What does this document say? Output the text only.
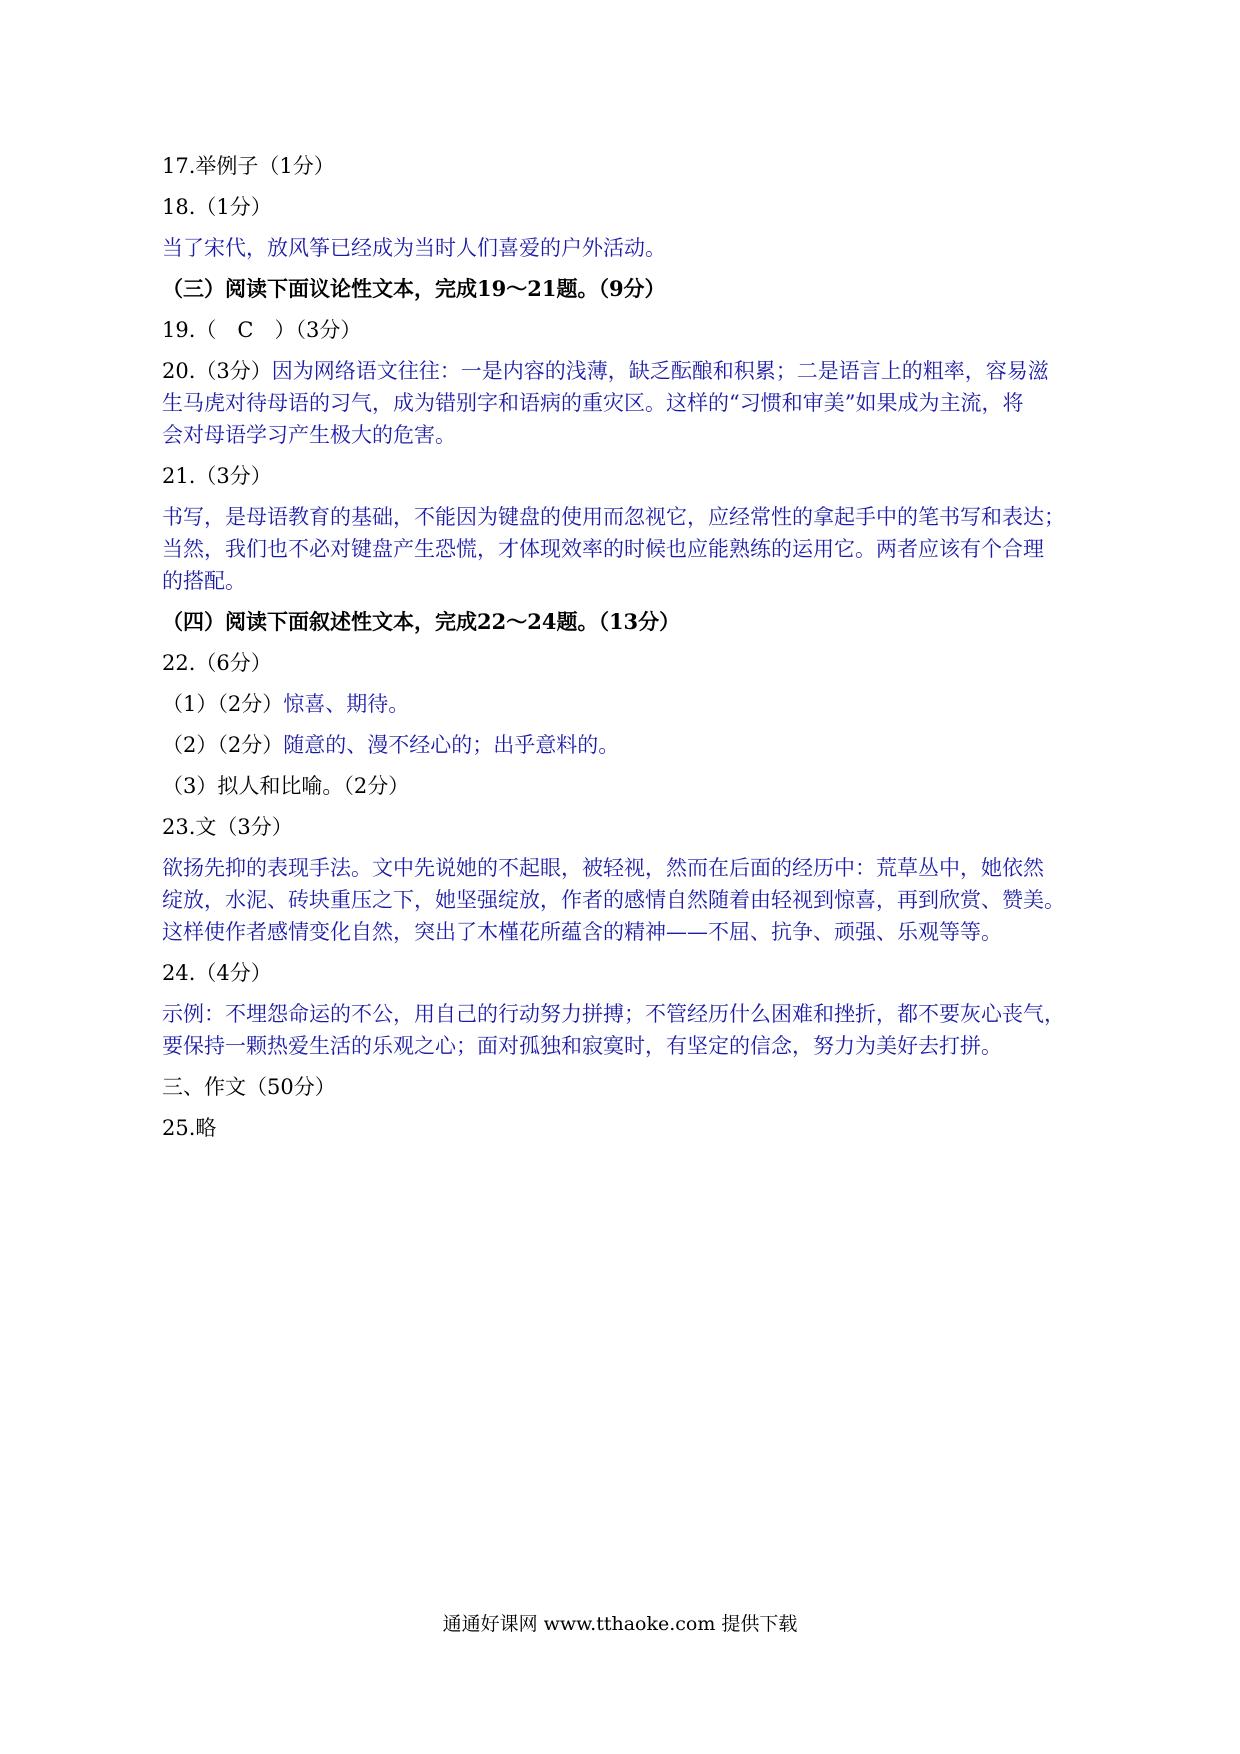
17.举例子（1分）
18.（1分）
当了宋代，放风筝已经成为当时人们喜爱的户外活动。
（三）阅读下面议论性文本，完成19～21题。（9分）
19.（　C　）（3分）
20.（3分）因为网络语文往往：一是内容的浅薄，缺乏酝酿和积累；二是语言上的粗率，容易滋
生马虎对待母语的习气，成为错别字和语病的重灾区。这样的“习惯和审美”如果成为主流，将
会对母语学习产生极大的危害。
21.（3分）
书写，是母语教育的基础，不能因为键盘的使用而忽视它，应经常性的拿起手中的笔书写和表达；
当然，我们也不必对键盘产生恐慌，才体现效率的时候也应能熟练的运用它。两者应该有个合理
的搭配。
（四）阅读下面叙述性文本，完成22～24题。（13分）
22.（6分）
（1）（2分）惊喜、期待。
（2）（2分）随意的、漫不经心的；出乎意料的。
（3）拟人和比喻。（2分）
23.文（3分）
欲扬先抑的表现手法。文中先说她的不起眼，被轻视，然而在后面的经历中：荒草丛中，她依然
绽放，水泥、砖块重压之下，她坚强绽放，作者的感情自然随着由轻视到惊喜，再到欣赏、赞美。
这样使作者感情变化自然，突出了木槿花所蕴含的精神——不屈、抗争、顽强、乐观等等。
24.（4分）
示例：不埋怨命运的不公，用自己的行动努力拼搏；不管经历什么困难和挫折，都不要灰心丧气，
要保持一颗热爱生活的乐观之心；面对孤独和寂寞时，有坚定的信念，努力为美好去打拼。
三、作文（50分）
25.略
通通好课网 www.tthaoke.com 提供下载
